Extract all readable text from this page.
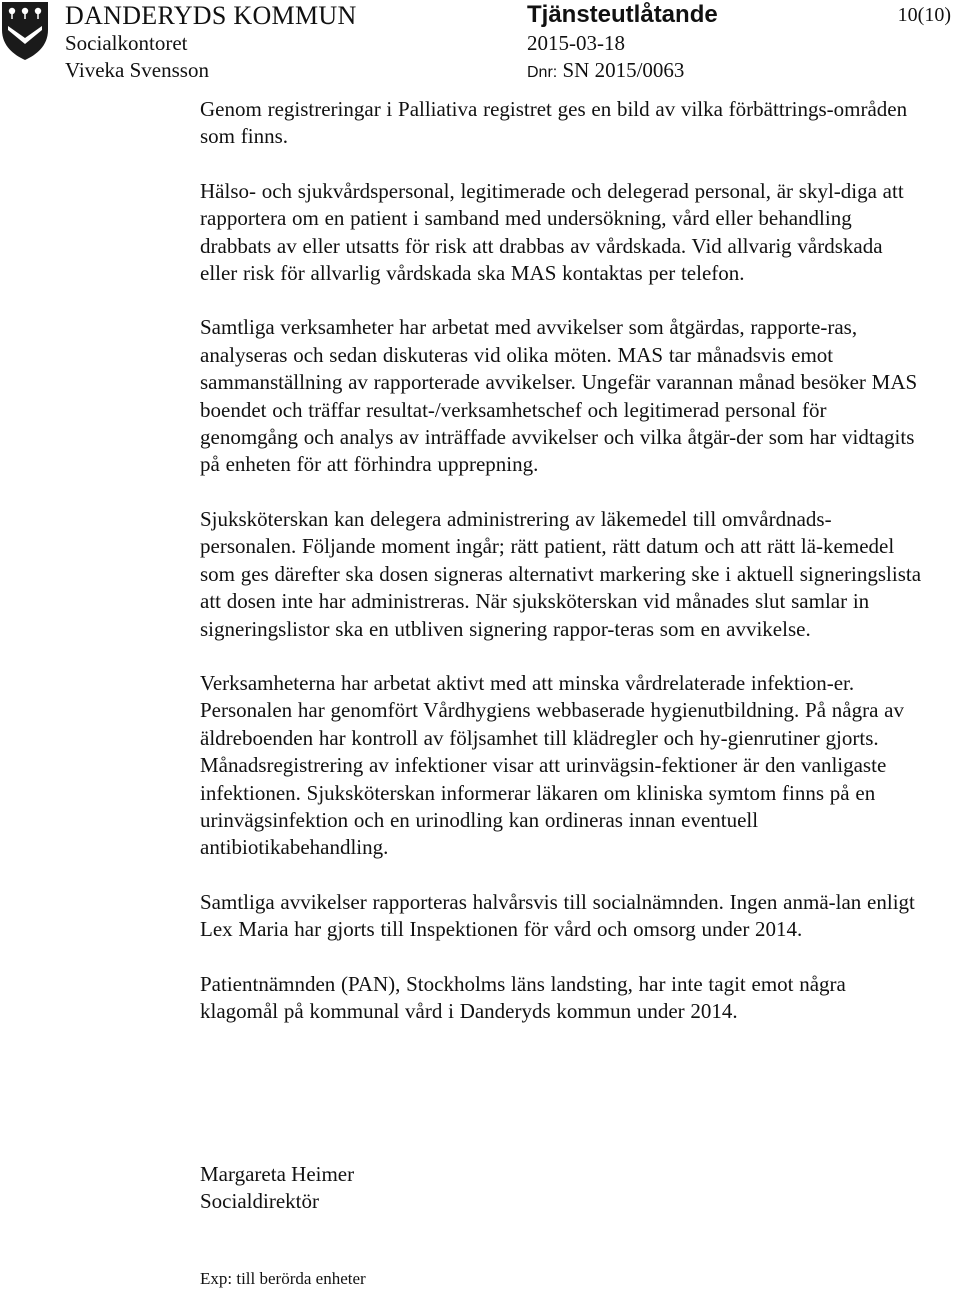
DANDERYDS KOMMUN
Socialkontoret
Viveka Svensson
Tjänsteutlåtande
2015-03-18
Dnr: SN 2015/0063
10(10)

Genom registreringar i Palliativa registret ges en bild av vilka förbättrings-områden som finns.

Hälso- och sjukvårdspersonal, legitimerade och delegerad personal, är skyl-diga att rapportera om en patient i samband med undersökning, vård eller behandling drabbats av eller utsatts för risk att drabbas av vårdskada. Vid allvarig vårdskada eller risk för allvarlig vårdskada ska MAS kontaktas per telefon.

Samtliga verksamheter har arbetat med avvikelser som åtgärdas, rapporte-ras, analyseras och sedan diskuteras vid olika möten. MAS tar månadsvis emot sammanställning av rapporterade avvikelser. Ungefär varannan månad besöker MAS boendet och träffar resultat-/verksamhetschef och legitimerad personal för genomgång och analys av inträffade avvikelser och vilka åtgär-der som har vidtagits på enheten för att förhindra upprepning.

Sjuksköterskan kan delegera administrering av läkemedel till omvårdnads-personalen. Följande moment ingår; rätt patient, rätt datum och att rätt lä-kemedel som ges därefter ska dosen signeras alternativt markering ske i aktuell signeringslista att dosen inte har administreras. När sjuksköterskan vid månades slut samlar in signeringslistor ska en utbliven signering rappor-teras som en avvikelse.

Verksamheterna har arbetat aktivt med att minska vårdrelaterade infektion-er. Personalen har genomfört Vårdhygiens webbaserade hygienutbildning. På några av äldreboenden har kontroll av följsamhet till klädregler och hy-gienrutiner gjorts. Månadsregistrering av infektioner visar att urinvägsin-fektioner är den vanligaste infektionen. Sjuksköterskan informerar läkaren om kliniska symtom finns på en urinvägsinfektion och en urinodling kan ordineras innan eventuell antibiotikabehandling.

Samtliga avvikelser rapporteras halvårsvis till socialnämnden. Ingen anmä-lan enligt Lex Maria har gjorts till Inspektionen för vård och omsorg under 2014.

Patientnämnden (PAN), Stockholms läns landsting, har inte tagit emot några klagomål på kommunal vård i Danderyds kommun under 2014.

Margareta Heimer
Socialdirektör
Exp: till berörda enheter
